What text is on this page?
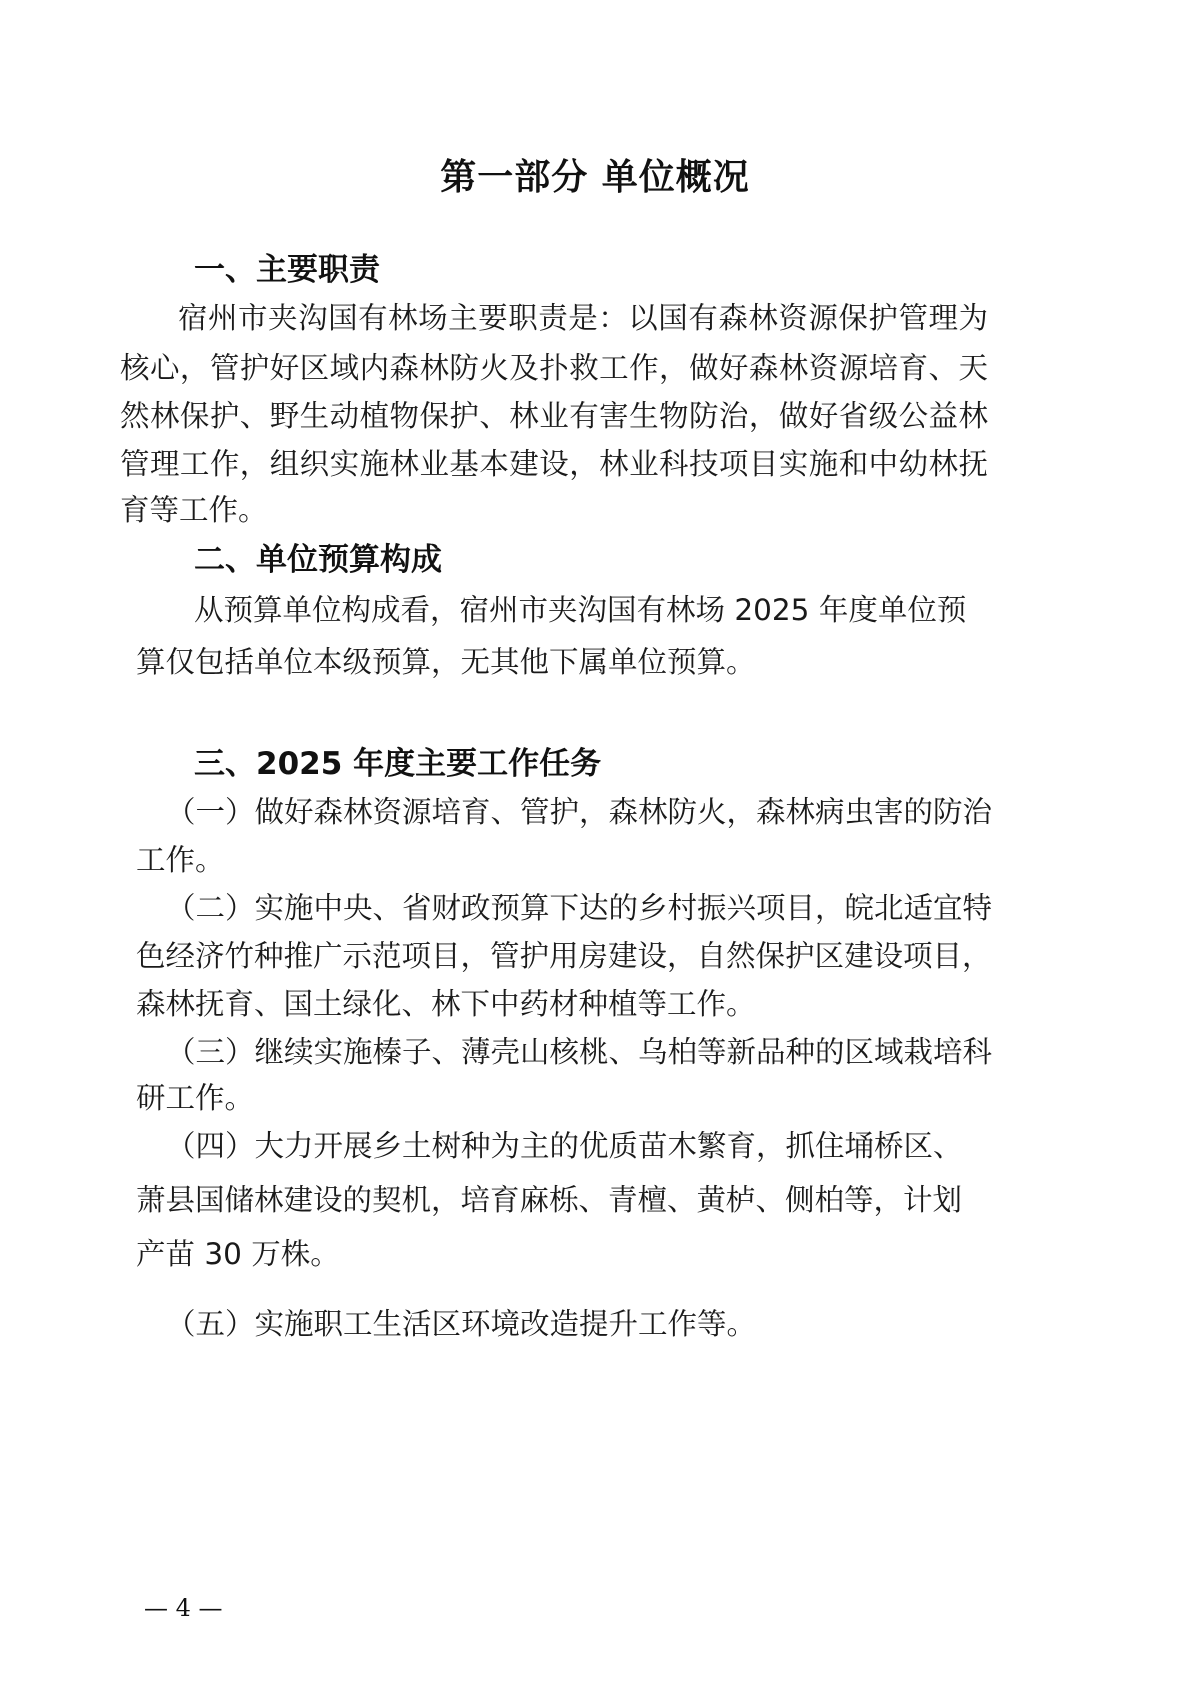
第一部分 单位概况
一、主要职责

宿州市夹沟国有林场主要职责是：以国有森林资源保护管理为

核心，管护好区域内森林防火及扑救工作，做好森林资源培育、天

然林保护、野生动植物保护、林业有害生物防治，做好省级公益林

管理工作，组织实施林业基本建设，林业科技项目实施和中幼林抚

育等工作。

二、单位预算构成

从预算单位构成看，宿州市夹沟国有林场 2025 年度单位预

算仅包括单位本级预算，无其他下属单位预算。

三、2025 年度主要工作任务

（一）做好森林资源培育、管护，森林防火，森林病虫害的防治

工作。

（二）实施中央、省财政预算下达的乡村振兴项目，皖北适宜特

色经济竹种推广示范项目，管护用房建设，自然保护区建设项目，

森林抚育、国土绿化、林下中药材种植等工作。

（三）继续实施榛子、薄壳山核桃、乌柏等新品种的区域栽培科

研工作。

（四）大力开展乡土树种为主的优质苗木繁育，抓住埇桥区、

萧县国储林建设的契机，培育麻栎、青檀、黄栌、侧柏等，计划

产苗 30 万株。

（五）实施职工生活区环境改造提升工作等。

— 4 —
